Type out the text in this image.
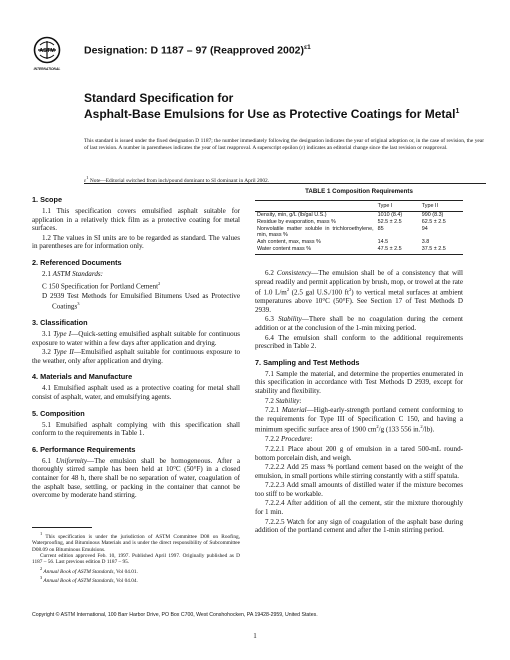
ASTM
INTERNATIONAL
Designation: D 1187 – 97 (Reapproved 2002)$^{\varepsilon 1}$
Standard Specification for
Asphalt-Base Emulsions for Use as Protective Coatings for Metal$^1$
This standard is issued under the fixed designation D 1187; the number immediately following the designation indicates the year of original adoption or, in the case of revision, the year of last revision. A number in parentheses indicates the year of last reapproval. A superscript epsilon (ε) indicates an editorial change since the last revision or reapproval.
$\varepsilon^1$ Note—Editorial switched from inch/pound dominant to SI dominant in April 2002.
1. Scope

1.1 This specification covers emulsified asphalt suitable for application in a relatively thick film as a protective coating for metal surfaces.

1.2 The values in SI units are to be regarded as standard. The values in parentheses are for information only.

2. Referenced Documents

2.1 ASTM Standards:

C 150 Specification for Portland Cement$^2$

D 2939 Test Methods for Emulsified Bitumens Used as Protective Coatings$^3$

3. Classification

3.1 Type I—Quick-setting emulsified asphalt suitable for continuous exposure to water within a few days after application and drying.

3.2 Type II—Emulsified asphalt suitable for continuous exposure to the weather, only after application and drying.

4. Materials and Manufacture

4.1 Emulsified asphalt used as a protective coating for metal shall consist of asphalt, water, and emulsifying agents.

5. Composition

5.1 Emulsified asphalt complying with this specification shall conform to the requirements in Table 1.

6. Performance Requirements

6.1 Uniformity—The emulsion shall be homogeneous. After a thoroughly stirred sample has been held at 10°C (50°F) in a closed container for 48 h, there shall be no separation of water, coagulation of the asphalt base, settling, or packing in the container that cannot be overcome by moderate hand stirring.

$^1$ This specification is under the jurisdiction of ASTM Committee D08 on Roofing, Waterproofing, and Bituminous Materials and is under the direct responsibility of Subcommittee D08.09 on Bituminous Emulsions.

Current edition approved Feb. 10, 1997. Published April 1997. Originally published as D 1187 – 56. Last previous edition D 1187 – 95.

$^2$ Annual Book of ASTM Standards, Vol 04.01.

$^3$ Annual Book of ASTM Standards, Vol 04.04.

TABLE 1 Composition Requirements
	Type I	Type II
Density, min, g/L (lb/gal U.S.)	1010 (8.4)	990 (8.3)
Residue by evaporation, mass %	52.5 ± 2.5	62.5 ± 2.5
Nonvolatile matter soluble in trichloroethylene, min, mass %	85	94
Ash content, max, mass %	14.5	3.8
Water content mass %	47.5 ± 2.5	37.5 ± 2.5

6.2 Consistency—The emulsion shall be of a consistency that will spread readily and permit application by brush, mop, or trowel at the rate of 1.0 $L/m^2$ (2.5 gal U.S./100 $ft^2$) to vertical metal surfaces at ambient temperatures above 10°C (50°F). See Section 17 of Test Methods D 2939.

6.3 Stability—There shall be no coagulation during the cement addition or at the conclusion of the 1-min mixing period.

6.4 The emulsion shall conform to the additional requirements prescribed in Table 2.

7. Sampling and Test Methods

7.1 Sample the material, and determine the properties enumerated in this specification in accordance with Test Methods D 2939, except for stability and flexibility.

7.2 Stability:

7.2.1 Material—High-early-strength portland cement conforming to the requirements for Type III of Specification C 150, and having a minimum specific surface area of 1900 $cm^2/g$ (133 556 in.$^2$/lb).

7.2.2 Procedure:

7.2.2.1 Place about 200 g of emulsion in a tared 500-mL round-bottom porcelain dish, and weigh.

7.2.2.2 Add 25 mass % portland cement based on the weight of the emulsion, in small portions while stirring constantly with a stiff spatula.

7.2.2.3 Add small amounts of distilled water if the mixture becomes too stiff to be workable.

7.2.2.4 After addition of all the cement, stir the mixture thoroughly for 1 min.

7.2.2.5 Watch for any sign of coagulation of the asphalt base during addition of the portland cement and after the 1-min stirring period.

Copyright © ASTM International, 100 Barr Harbor Drive, PO Box C700, West Conshohocken, PA 19428-2959, United States.
1
